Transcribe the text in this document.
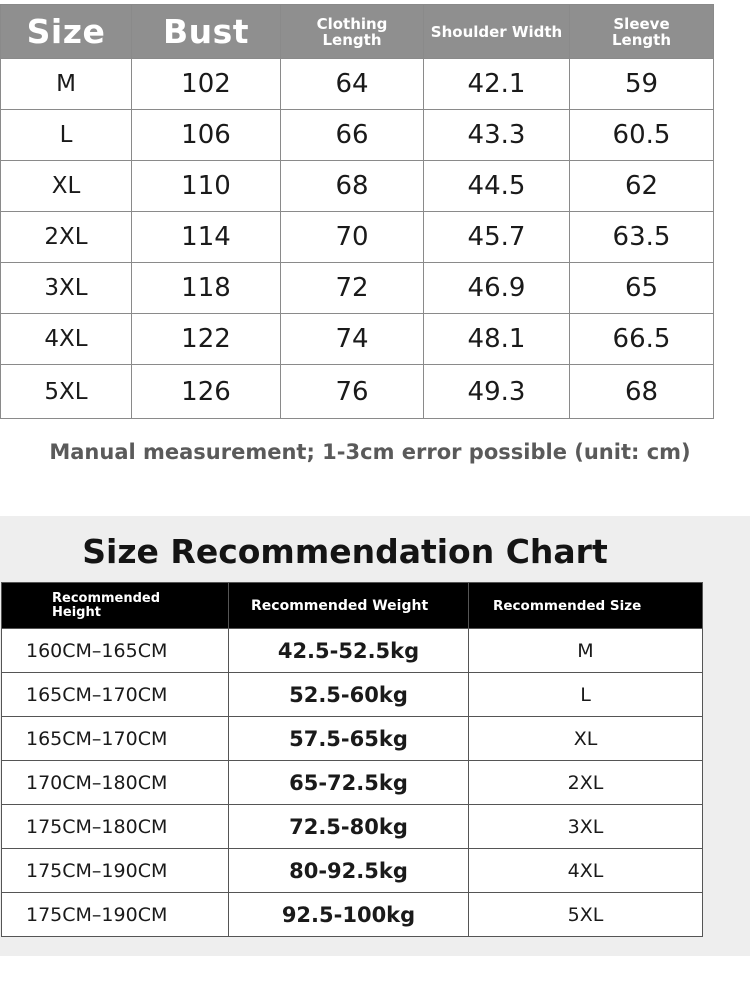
Size	Bust	Clothing Length	Shoulder Width	Sleeve Length
M	102	64	42.1	59
L	106	66	43.3	60.5
XL	110	68	44.5	62
2XL	114	70	45.7	63.5
3XL	118	72	46.9	65
4XL	122	74	48.1	66.5
5XL	126	76	49.3	68
Manual measurement; 1-3cm error possible (unit: cm)
Size Recommendation Chart
Recommended Height	Recommended Weight	Recommended Size
160CM–165CM	42.5-52.5kg	M
165CM–170CM	52.5-60kg	L
165CM–170CM	57.5-65kg	XL
170CM–180CM	65-72.5kg	2XL
175CM–180CM	72.5-80kg	3XL
175CM–190CM	80-92.5kg	4XL
175CM–190CM	92.5-100kg	5XL
